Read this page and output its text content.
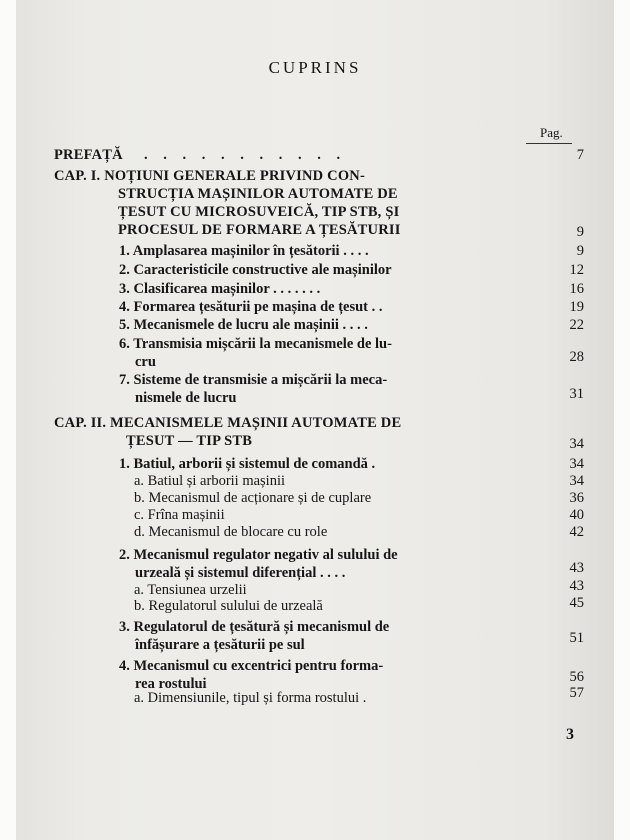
CUPRINS
Pag.
PREFAȚĂ . . . . . . . . . . .	7
CAP. I. NOȚIUNI GENERALE PRIVIND CON-
STRUCȚIA MAȘINILOR AUTOMATE DE
ȚESUT CU MICROSUVEICĂ, TIP STB, ȘI
PROCESUL DE FORMARE A ȚESĂTURII	9
1. Amplasarea mașinilor în țesătorii . . . .	9
2. Caracteristicile constructive ale mașinilor	12
3. Clasificarea mașinilor . . . . . . .	16
4. Formarea țesăturii pe mașina de țesut . .	19
5. Mecanismele de lucru ale mașinii . . . .	22
6. Transmisia mișcării la mecanismele de lu-
cru	28
7. Sisteme de transmisie a mișcării la meca-
nismele de lucru	31
CAP. II. MECANISMELE MAȘINII AUTOMATE DE
ȚESUT — TIP STB	34
1. Batiul, arborii și sistemul de comandă .	34
a. Batiul și arborii mașinii	34
b. Mecanismul de acționare și de cuplare	36
c. Frîna mașinii	40
d. Mecanismul de blocare cu role	42
2. Mecanismul regulator negativ al sulului de
urzeală și sistemul diferențial . . . .	43
a. Tensiunea urzelii	43
b. Regulatorul sulului de urzeală	45
3. Regulatorul de țesătură și mecanismul de
înfășurare a țesăturii pe sul	51
4. Mecanismul cu excentrici pentru forma-
rea rostului	56
a. Dimensiunile, tipul și forma rostului .	57
3
